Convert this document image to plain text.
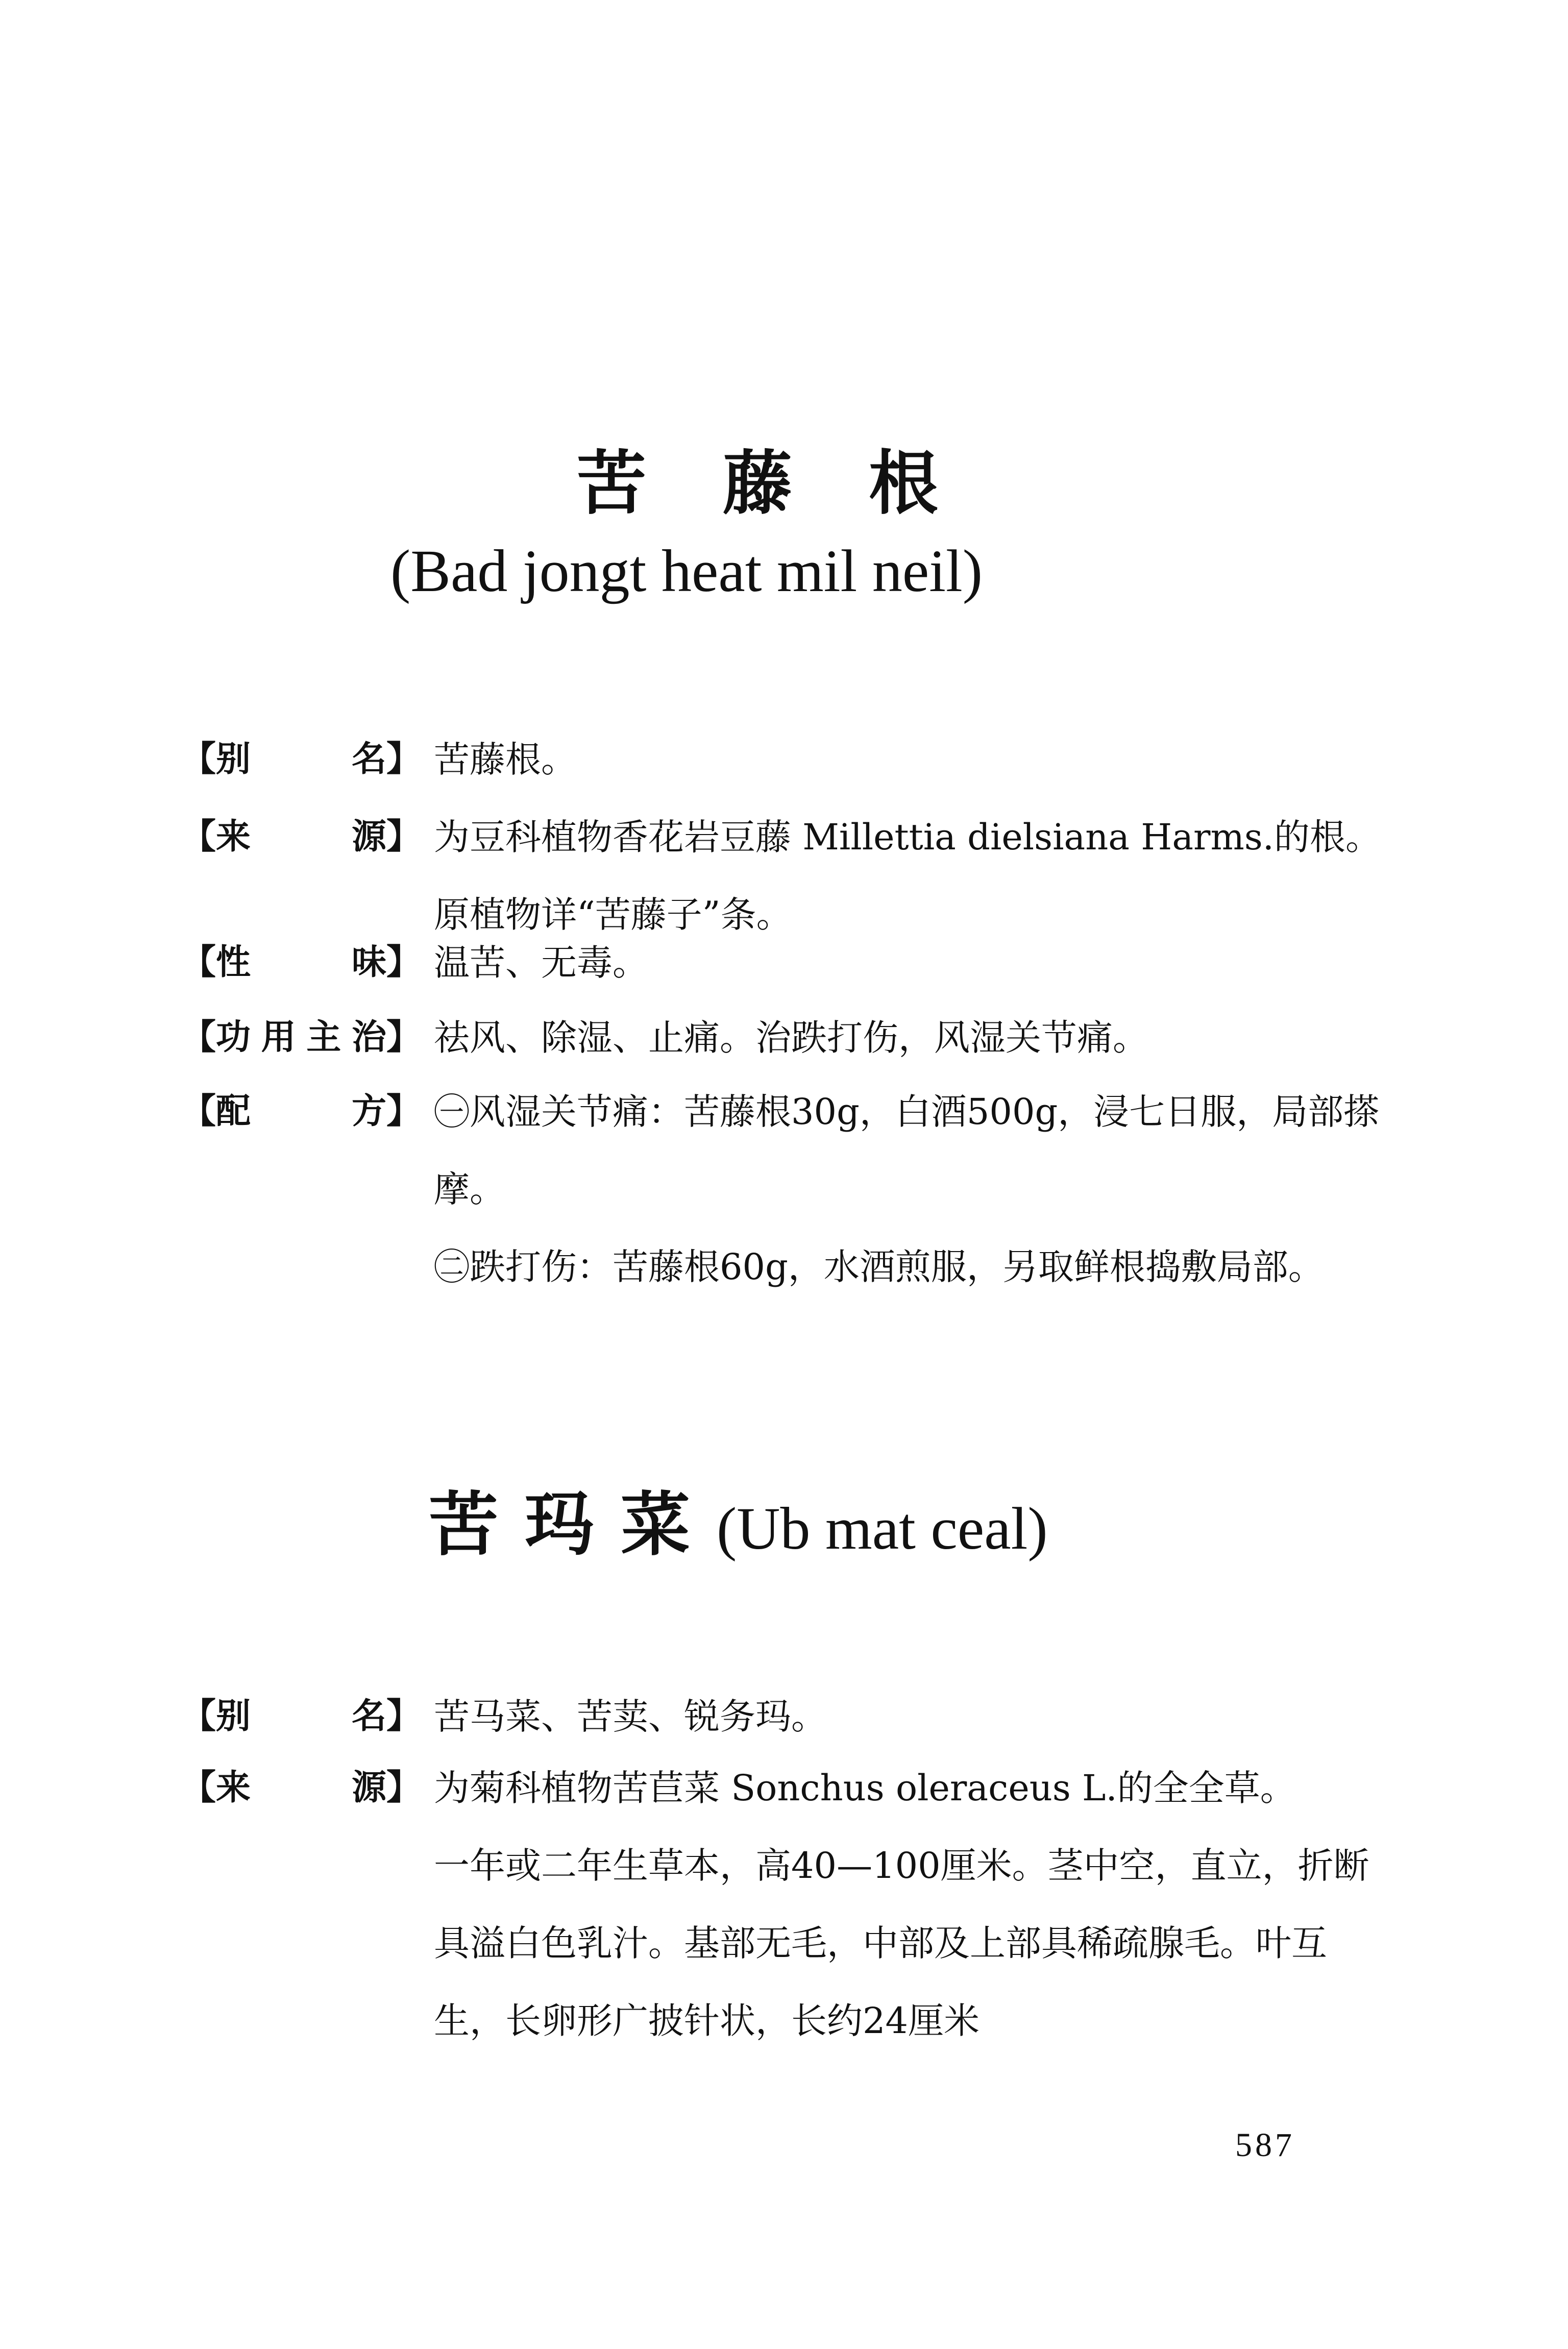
苦藤根
(Bad jongt heat mil neil)
【 别	名 】 苦藤根。

【 来	源 】 为豆科植物香花岩豆藤 Millettia dielsiana Harms.的根。原植物详“苦藤子”条。

【 性	味 】 温苦、无毒。

【 功 用 主 治 】 祛风、除湿、止痛。治跌打伤，风湿关节痛。

【 配	方 】 ㊀风湿关节痛：苦藤根30g，白酒500g，浸七日服，局部搽摩。

㊁跌打伤：苦藤根60g，水酒煎服，另取鲜根捣敷局部。

苦玛菜(Ub mat ceal)
【 别	名 】 苦马菜、苦荬、锐务玛。

【 来	源 】 为菊科植物苦苣菜 Sonchus oleraceus L.的全全草。

一年或二年生草本，高40—100厘米。茎中空，直立，折断具溢白色乳汁。基部无毛，中部及上部具稀疏腺毛。叶互生，长卵形广披针状，长约24厘米

587
